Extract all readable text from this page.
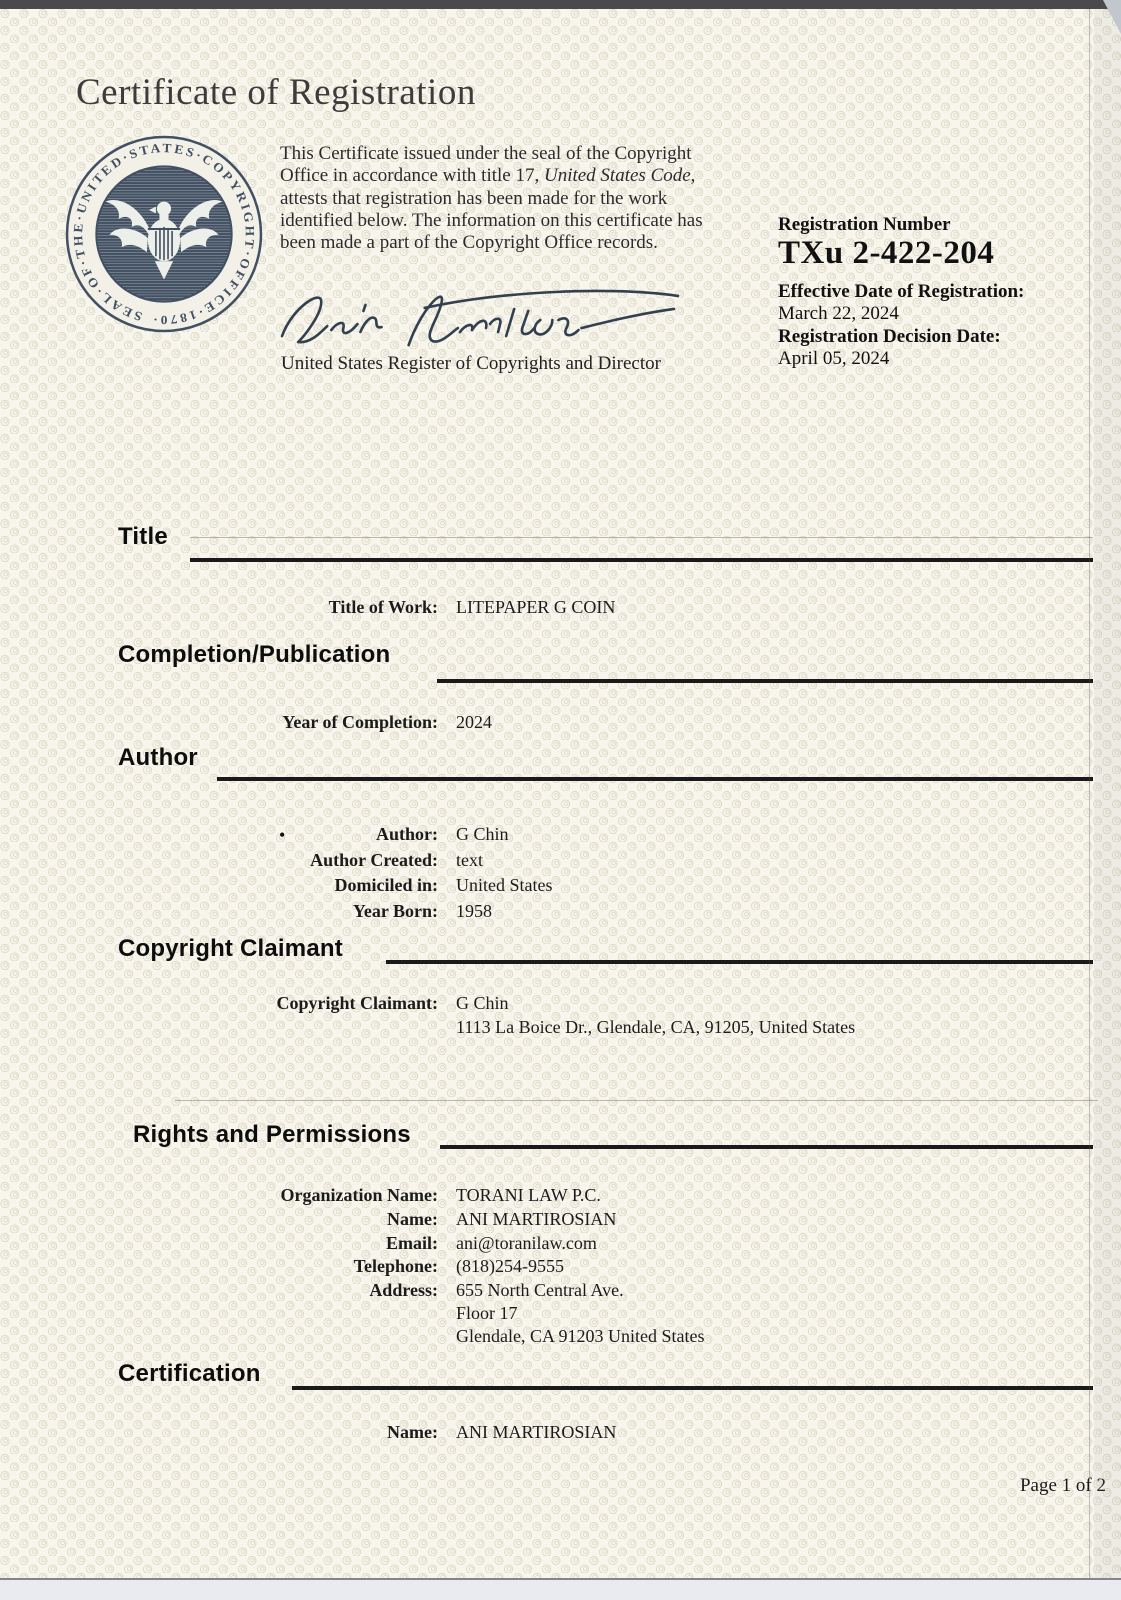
Certificate of Registration
SEAL·OF·THE·UNITED·STATES·COPYRIGHT·OFFICE·1870·

This Certificate issued under the seal of the Copyright Office in accordance with title 17, United States Code, attests that registration has been made for the work identified below. The information on this certificate has been made a part of the Copyright Office records.

United States Register of Copyrights and Director
Registration Number
TXu 2-422-204
Effective Date of Registration:
March 22, 2024
Registration Decision Date:
April 05, 2024
Title
Title of Work: LITEPAPER G COIN
Completion/Publication
Year of Completion: 2024
Author
•	Author: G Chin
Author Created: text
Domiciled in: United States
Year Born: 1958
Copyright Claimant
Copyright Claimant: G Chin
1113 La Boice Dr., Glendale, CA, 91205, United States
Rights and Permissions
Organization Name: TORANI LAW P.C.
Name: ANI MARTIROSIAN
Email: ani@toranilaw.com
Telephone: (818)254-9555
Address: 655 North Central Ave.
Floor 17
Glendale, CA 91203 United States
Certification
Name: ANI MARTIROSIAN
Page 1 of 2
